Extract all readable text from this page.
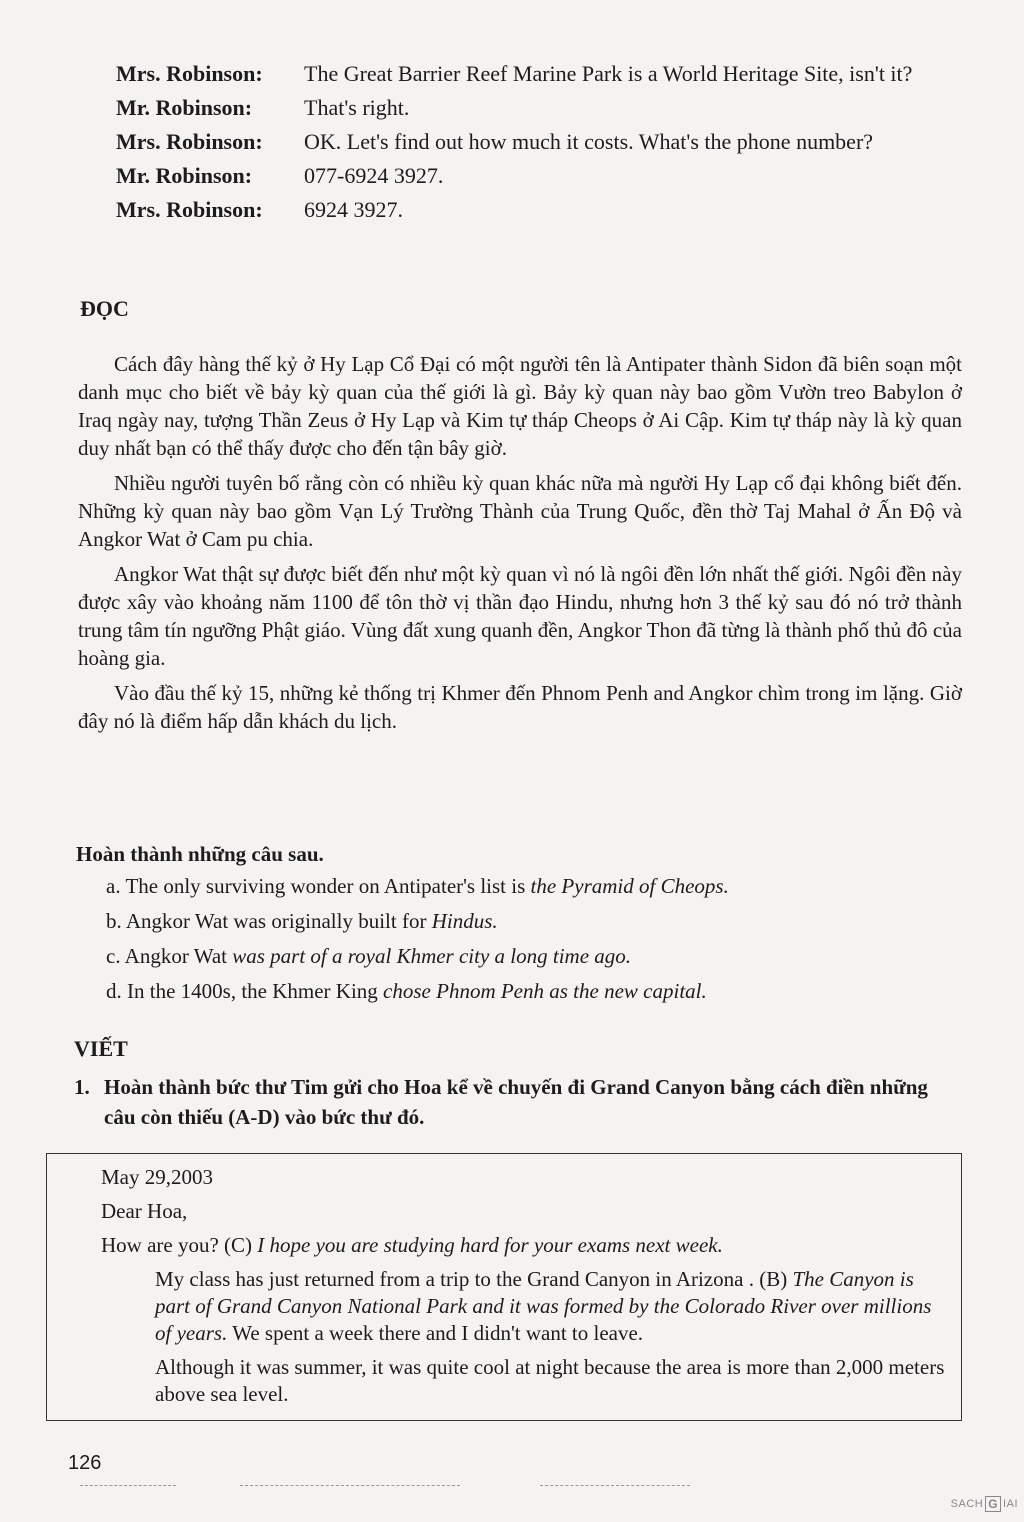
Mrs. Robinson:	The Great Barrier Reef Marine Park is a World Heritage Site, isn't it?
Mr. Robinson:	That's right.
Mrs. Robinson:	OK. Let's find out how much it costs. What's the phone number?
Mr. Robinson:	077-6924 3927.
Mrs. Robinson:	6924 3927.
ĐỌC

Cách đây hàng thế kỷ ở Hy Lạp Cổ Đại có một người tên là Antipater thành Sidon đã biên soạn một danh mục cho biết về bảy kỳ quan của thế giới là gì. Bảy kỳ quan này bao gồm Vườn treo Babylon ở Iraq ngày nay, tượng Thần Zeus ở Hy Lạp và Kim tự tháp Cheops ở Ai Cập. Kim tự tháp này là kỳ quan duy nhất bạn có thể thấy được cho đến tận bây giờ.

Nhiều người tuyên bố rằng còn có nhiều kỳ quan khác nữa mà người Hy Lạp cổ đại không biết đến. Những kỳ quan này bao gồm Vạn Lý Trường Thành của Trung Quốc, đền thờ Taj Mahal ở Ấn Độ và Angkor Wat ở Cam pu chia.

Angkor Wat thật sự được biết đến như một kỳ quan vì nó là ngôi đền lớn nhất thế giới. Ngôi đền này được xây vào khoảng năm 1100 để tôn thờ vị thần đạo Hindu, nhưng hơn 3 thế kỷ sau đó nó trở thành trung tâm tín ngưỡng Phật giáo. Vùng đất xung quanh đền, Angkor Thon đã từng là thành phố thủ đô của hoàng gia.

Vào đầu thế kỷ 15, những kẻ thống trị Khmer đến Phnom Penh and Angkor chìm trong im lặng. Giờ đây nó là điểm hấp dẫn khách du lịch.

Hoàn thành những câu sau.
a. The only surviving wonder on Antipater's list is the Pyramid of Cheops.
b. Angkor Wat was originally built for Hindus.
c. Angkor Wat was part of a royal Khmer city a long time ago.
d. In the 1400s, the Khmer King chose Phnom Penh as the new capital.
VIẾT
1. Hoàn thành bức thư Tim gửi cho Hoa kể về chuyến đi Grand Canyon bằng cách điền những câu còn thiếu (A-D) vào bức thư đó.

May 29,2003

Dear Hoa,

How are you? (C) I hope you are studying hard for your exams next week.

My class has just returned from a trip to the Grand Canyon in Arizona . (B) The Canyon is part of Grand Canyon National Park and it was formed by the Colorado River over millions of years. We spent a week there and I didn't want to leave.

Although it was summer, it was quite cool at night because the area is more than 2,000 meters above sea level.

126
SACH G IAI
